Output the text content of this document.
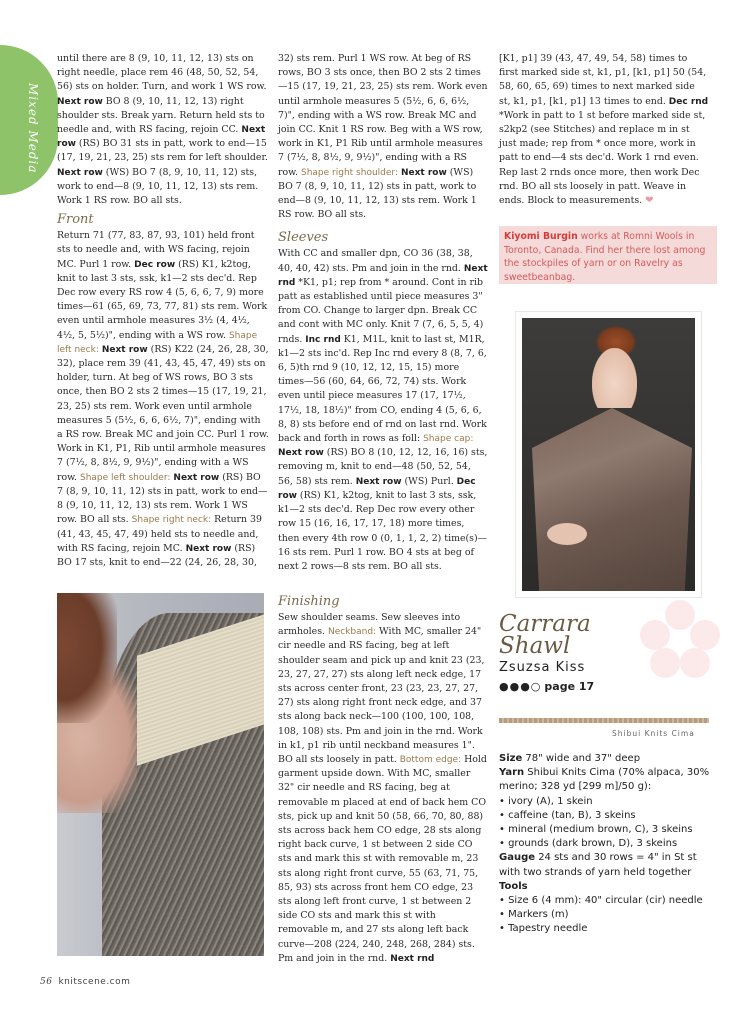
Mixed Media

until there are 8 (9, 10, 11, 12, 13) sts on right needle, place rem 46 (48, 50, 52, 54, 56) sts on holder. Turn, and work 1 WS row. Next row BO 8 (9, 10, 11, 12, 13) right shoulder sts. Break yarn. Return held sts to needle and, with RS facing, rejoin CC. Next row (RS) BO 31 sts in patt, work to end—15 (17, 19, 21, 23, 25) sts rem for left shoulder. Next row (WS) BO 7 (8, 9, 10, 11, 12) sts, work to end—8 (9, 10, 11, 12, 13) sts rem. Work 1 RS row. BO all sts.

Front

Return 71 (77, 83, 87, 93, 101) held front sts to needle and, with WS facing, rejoin MC. Purl 1 row. Dec row (RS) K1, k2tog, knit to last 3 sts, ssk, k1—2 sts dec'd. Rep Dec row every RS row 4 (5, 6, 6, 7, 9) more times—61 (65, 69, 73, 77, 81) sts rem. Work even until armhole measures 3½ (4, 4½, 4½, 5, 5½)", ending with a WS row. Shape left neck: Next row (RS) K22 (24, 26, 28, 30, 32), place rem 39 (41, 43, 45, 47, 49) sts on holder, turn. At beg of WS rows, BO 3 sts once, then BO 2 sts 2 times—15 (17, 19, 21, 23, 25) sts rem. Work even until armhole measures 5 (5½, 6, 6, 6½, 7)", ending with a RS row. Break MC and join CC. Purl 1 row. Work in K1, P1, Rib until armhole measures 7 (7½, 8, 8½, 9, 9½)", ending with a WS row. Shape left shoulder: Next row (RS) BO 7 (8, 9, 10, 11, 12) sts in patt, work to end—8 (9, 10, 11, 12, 13) sts rem. Work 1 WS row. BO all sts. Shape right neck: Return 39 (41, 43, 45, 47, 49) held sts to needle and, with RS facing, rejoin MC. Next row (RS) BO 17 sts, knit to end—22 (24, 26, 28, 30,

32) sts rem. Purl 1 WS row. At beg of RS rows, BO 3 sts once, then BO 2 sts 2 times—15 (17, 19, 21, 23, 25) sts rem. Work even until armhole measures 5 (5½, 6, 6, 6½, 7)", ending with a WS row. Break MC and join CC. Knit 1 RS row. Beg with a WS row, work in K1, P1 Rib until armhole measures 7 (7½, 8, 8½, 9, 9½)", ending with a RS row. Shape right shoulder: Next row (WS) BO 7 (8, 9, 10, 11, 12) sts in patt, work to end—8 (9, 10, 11, 12, 13) sts rem. Work 1 RS row. BO all sts.

Sleeves

With CC and smaller dpn, CO 36 (38, 38, 40, 40, 42) sts. Pm and join in the rnd. Next rnd *K1, p1; rep from * around. Cont in rib patt as established until piece measures 3" from CO. Change to larger dpn. Break CC and cont with MC only. Knit 7 (7, 6, 5, 5, 4) rnds. Inc rnd K1, M1L, knit to last st, M1R, k1—2 sts inc'd. Rep Inc rnd every 8 (8, 7, 6, 6, 5)th rnd 9 (10, 12, 12, 15, 15) more times—56 (60, 64, 66, 72, 74) sts. Work even until piece measures 17 (17, 17½, 17½, 18, 18½)" from CO, ending 4 (5, 6, 6, 8, 8) sts before end of rnd on last rnd. Work back and forth in rows as foll: Shape cap: Next row (RS) BO 8 (10, 12, 12, 16, 16) sts, removing m, knit to end—48 (50, 52, 54, 56, 58) sts rem. Next row (WS) Purl. Dec row (RS) K1, k2tog, knit to last 3 sts, ssk, k1—2 sts dec'd. Rep Dec row every other row 15 (16, 16, 17, 17, 18) more times, then every 4th row 0 (0, 1, 1, 2, 2) time(s)—16 sts rem. Purl 1 row. BO 4 sts at beg of next 2 rows—8 sts rem. BO all sts.

Finishing

Sew shoulder seams. Sew sleeves into armholes. Neckband: With MC, smaller 24" cir needle and RS facing, beg at left shoulder seam and pick up and knit 23 (23, 23, 27, 27, 27) sts along left neck edge, 17 sts across center front, 23 (23, 23, 27, 27, 27) sts along right front neck edge, and 37 sts along back neck—100 (100, 100, 108, 108, 108) sts. Pm and join in the rnd. Work in k1, p1 rib until neckband measures 1". BO all sts loosely in patt. Bottom edge: Hold garment upside down. With MC, smaller 32" cir needle and RS facing, beg at removable m placed at end of back hem CO sts, pick up and knit 50 (58, 66, 70, 80, 88) sts across back hem CO edge, 28 sts along right back curve, 1 st between 2 side CO sts and mark this st with removable m, 23 sts along right front curve, 55 (63, 71, 75, 85, 93) sts across front hem CO edge, 23 sts along left front curve, 1 st between 2 side CO sts and mark this st with removable m, and 27 sts along left back curve—208 (224, 240, 248, 268, 284) sts. Pm and join in the rnd. Next rnd

[K1, p1] 39 (43, 47, 49, 54, 58) times to first marked side st, k1, p1, [k1, p1] 50 (54, 58, 60, 65, 69) times to next marked side st, k1, p1, [k1, p1] 13 times to end. Dec rnd *Work in patt to 1 st before marked side st, s2kp2 (see Stitches) and replace m in st just made; rep from * once more, work in patt to end—4 sts dec'd. Work 1 rnd even. Rep last 2 rnds once more, then work Dec rnd. BO all sts loosely in patt. Weave in ends. Block to measurements. ❤

Kiyomi Burgin works at Romni Wools in Toronto, Canada. Find her there lost among the stockpiles of yarn or on Ravelry as sweetbeanbag.
Carrara
Shawl
Zsuzsa Kiss
●●●○ page 17
Shibui Knits Cima
Size 78" wide and 37" deep
Yarn Shibui Knits Cima (70% alpaca, 30% merino; 328 yd [299 m]/50 g):
• ivory (A), 1 skein
• caffeine (tan, B), 3 skeins
• mineral (medium brown, C), 3 skeins
• grounds (dark brown, D), 3 skeins
Gauge 24 sts and 30 rows = 4" in St st with two strands of yarn held together
Tools
• Size 6 (4 mm): 40" circular (cir) needle
• Markers (m)
• Tapestry needle
56 knitscene.com
